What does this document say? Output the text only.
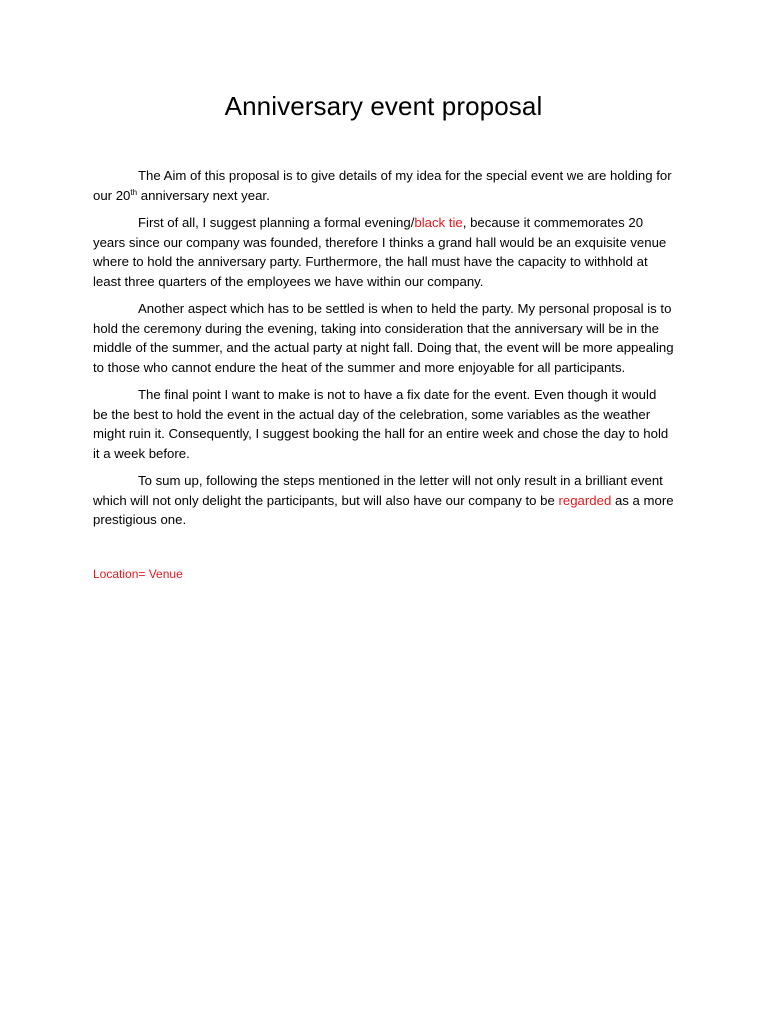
Anniversary event proposal

The Aim of this proposal is to give details of my idea for the special event we are holding for our 20th anniversary next year.

First of all, I suggest planning a formal evening/black tie, because it commemorates 20 years since our company was founded, therefore I thinks a grand hall would be an exquisite venue where to hold the anniversary party. Furthermore, the hall must have the capacity to withhold at least three quarters of the employees we have within our company.

Another aspect which has to be settled is when to held the party. My personal proposal is to hold the ceremony during the evening, taking into consideration that the anniversary will be in the middle of the summer, and the actual party at night fall. Doing that, the event will be more appealing to those who cannot endure the heat of the summer and more enjoyable for all participants.

The final point I want to make is not to have a fix date for the event. Even though it would be the best to hold the event in the actual day of the celebration, some variables as the weather might ruin it. Consequently, I suggest booking the hall for an entire week and chose the day to hold it a week before.

To sum up, following the steps mentioned in the letter will not only result in a brilliant event which will not only delight the participants, but will also have our company to be regarded as a more prestigious one.

Location= Venue
